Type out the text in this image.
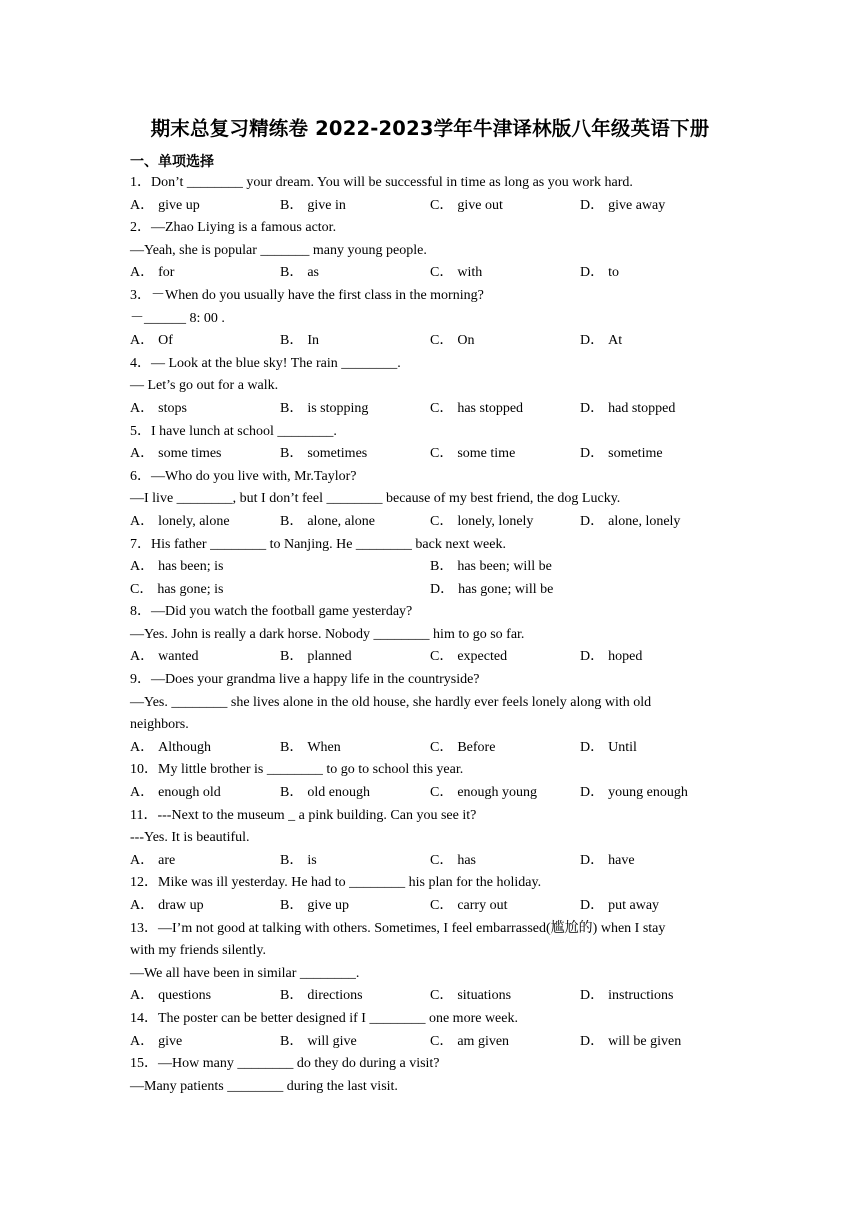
期末总复习精练卷 2022-2023学年牛津译林版八年级英语下册
一、单项选择
1．Don’t ________ your dream. You will be successful in time as long as you work hard.
A． give up	B． give in	C． give out	D． give away
2．—Zhao Liying is a famous actor.
—Yeah, she is popular _______ many young people.
A． for	B． as	C． with	D． to
3．－When do you usually have the first class in the morning?
－______ 8: 00 .
A． Of	B． In	C． On	D． At
4．— Look at the blue sky! The rain ________.
— Let’s go out for a walk.
A． stops	B． is stopping	C． has stopped	D． had stopped
5．I have lunch at school ________.
A． some times	B． sometimes	C． some time	D． sometime
6．—Who do you live with, Mr.Taylor?
—I live ________, but I don’t feel ________ because of my best friend, the dog Lucky.
A． lonely, alone	B． alone, alone	C． lonely, lonely	D． alone, lonely
7．His father ________ to Nanjing. He ________ back next week.
A． has been; is	B． has been; will be
C． has gone; is	D． has gone; will be
8．—Did you watch the football game yesterday?
—Yes. John is really a dark horse. Nobody ________ him to go so far.
A． wanted	B． planned	C． expected	D． hoped
9．—Does your grandma live a happy life in the countryside?
—Yes. ________ she lives alone in the old house, she hardly ever feels lonely along with old
neighbors.
A． Although	B． When	C． Before	D． Until
10．My little brother is ________ to go to school this year.
A． enough old	B． old enough	C． enough young	D． young enough
11．---Next to the museum _ a pink building. Can you see it?
---Yes. It is beautiful.
A． are	B． is	C． has	D． have
12．Mike was ill yesterday. He had to ________ his plan for the holiday.
A． draw up	B． give up	C． carry out	D． put away
13．—I’m not good at talking with others. Sometimes, I feel embarrassed(尴尬的) when I stay
with my friends silently.
—We all have been in similar ________.
A． questions	B． directions	C． situations	D． instructions
14．The poster can be better designed if I ________ one more week.
A． give	B． will give	C． am given	D． will be given
15．—How many ________ do they do during a visit?
—Many patients ________ during the last visit.
